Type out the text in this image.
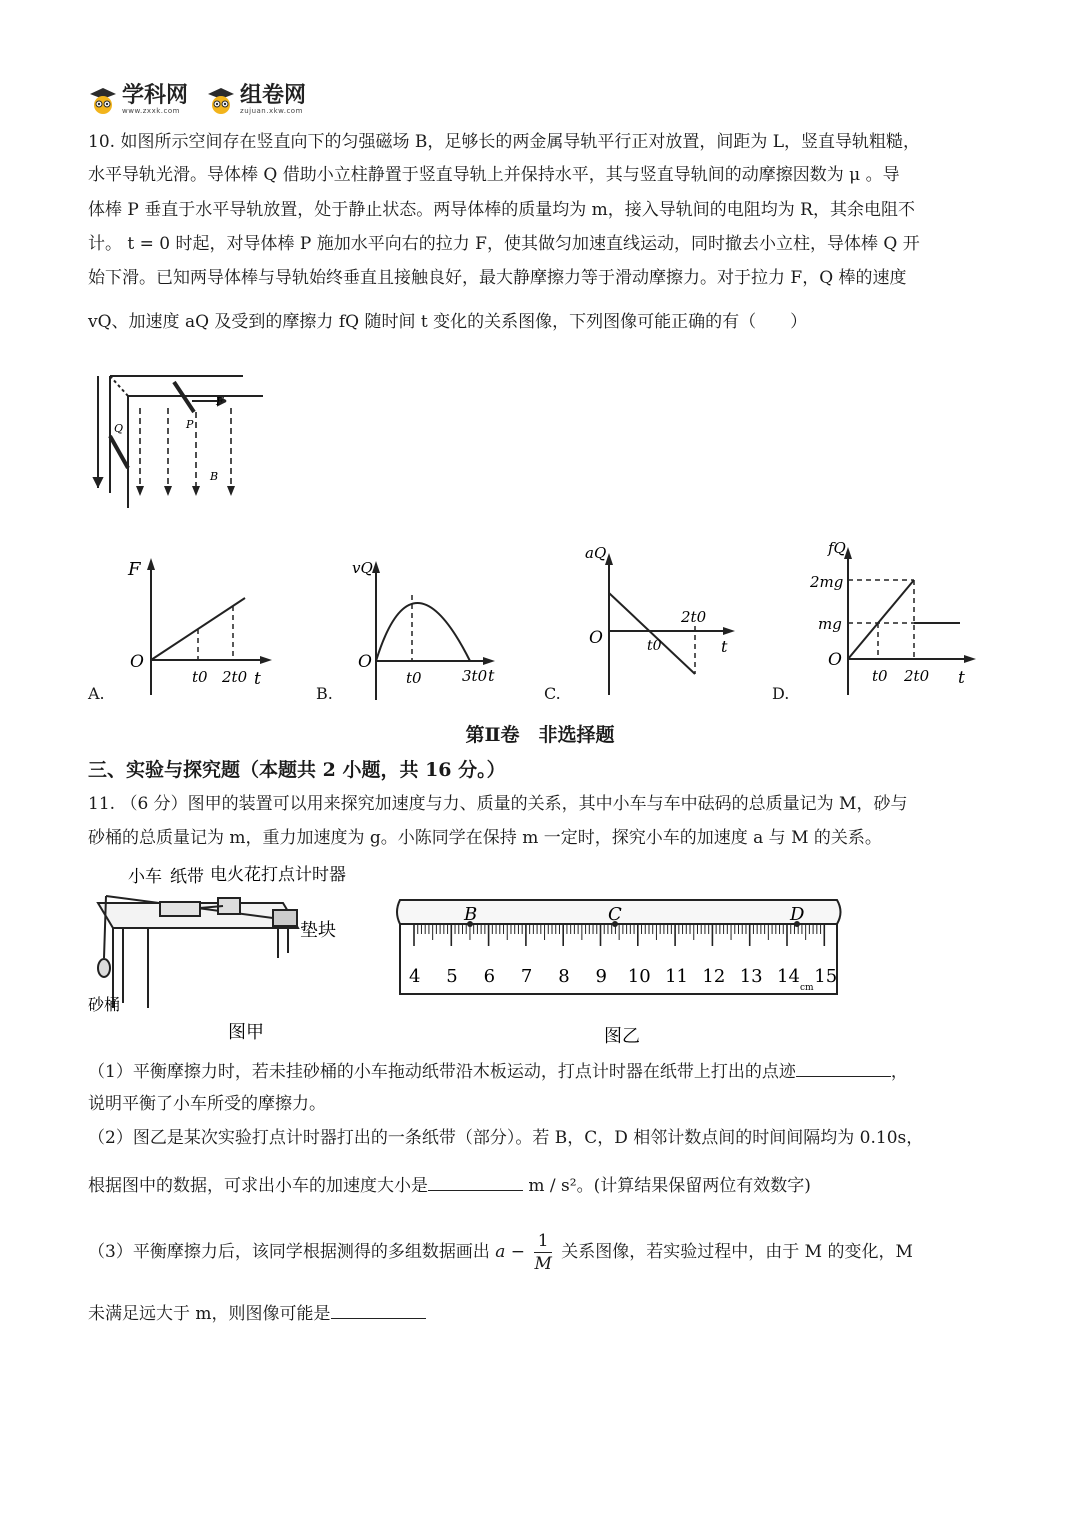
学科网
www.zxxk.com
组卷网
zujuan.xkw.com
10. 如图所示空间存在竖直向下的匀强磁场 B，足够长的两金属导轨平行正对放置，间距为 L，竖直导轨粗糙，
水平导轨光滑。导体棒 Q 借助小立柱静置于竖直导轨上并保持水平，其与竖直导轨间的动摩擦因数为 μ 。导
体棒 P 垂直于水平导轨放置，处于静止状态。两导体棒的质量均为 m，接入导轨间的电阻均为 R，其余电阻不
计。 t = 0 时起，对导体棒 P 施加水平向右的拉力 F，使其做匀加速直线运动，同时撤去小立柱，导体棒 Q 开
始下滑。已知两导体棒与导轨始终垂直且接触良好，最大静摩擦力等于滑动摩擦力。对于拉力 F，Q 棒的速度
vQ、加速度 aQ 及受到的摩擦力 fQ 随时间 t 变化的关系图像，下列图像可能正确的有（　　）
F
P
Q
B
F
O
t0 2t0 t
A.
vQ
O
t0	3t0 t
B.
aQ
O	t0
2t0
t
C.
fQ
2mg
mg
O
t0 2t0 t
D.
第Ⅱ卷　非选择题
三、实验与探究题（本题共 2 小题，共 16 分。）
11. （6 分）图甲的装置可以用来探究加速度与力、质量的关系，其中小车与车中砝码的总质量记为 M，砂与
砂桶的总质量记为 m，重力加速度为 g。小陈同学在保持 m 一定时，探究小车的加速度 a 与 M 的关系。
小车 纸带 电火花打点计时器
垫块
砂桶
图甲
4 5 6 7 8 9 10 11 12 13 14 15
B	C	D
cm
图乙
（1）平衡摩擦力时，若未挂砂桶的小车拖动纸带沿木板运动，打点计时器在纸带上打出的点迹	，
说明平衡了小车所受的摩擦力。
（2）图乙是某次实验打点计时器打出的一条纸带（部分）。若 B，C，D 相邻计数点间的时间间隔均为 0.10s，
根据图中的数据，可求出小车的加速度大小是	m / s²。(计算结果保留两位有效数字)
（3）平衡摩擦力后，该同学根据测得的多组数据画出 $a - \frac{1}{M}$ 关系图像，若实验过程中，由于 M 的变化，M
未满足远大于 m，则图像可能是
